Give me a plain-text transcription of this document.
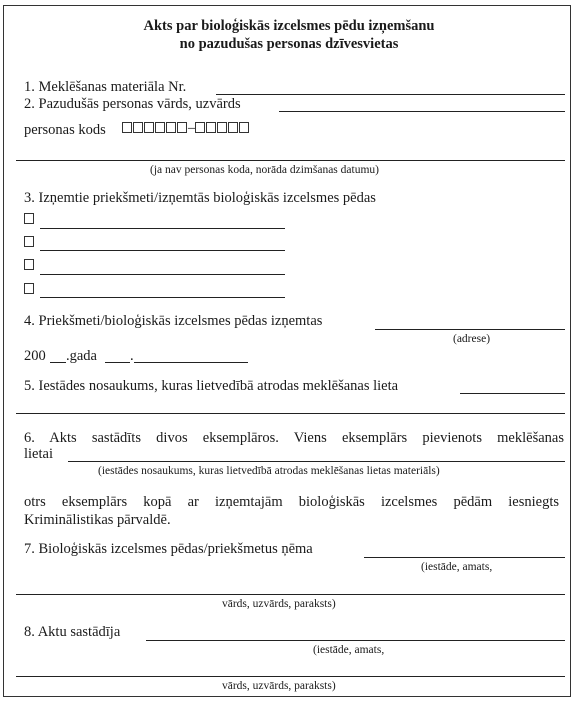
Akts par bioloģiskās izcelsmes pēdu izņemšanu
no pazudušas personas dzīvesvietas
1. Meklēšanas materiāla Nr.
2. Pazudušās personas vārds, uzvārds
personas kods	–
(ja nav personas koda, norāda dzimšanas datumu)
3. Izņemtie priekšmeti/izņemtās bioloģiskās izcelsmes pēdas
4. Priekšmeti/bioloģiskās izcelsmes pēdas izņemtas
(adrese)
200 .gada .
5. Iestādes nosaukums, kuras lietvedībā atrodas meklēšanas lieta
6. Akts sastādīts divos eksemplāros. Viens eksemplārs pievienots meklēšanas
lietai
(iestādes nosaukums, kuras lietvedībā atrodas meklēšanas lietas materiāls)
otrs eksemplārs kopā ar izņemtajām bioloģiskās izcelsmes pēdām iesniegts
Kriminālistikas pārvaldē.
7. Bioloģiskās izcelsmes pēdas/priekšmetus ņēma
(iestāde, amats,
vārds, uzvārds, paraksts)
8. Aktu sastādīja
(iestāde, amats,
vārds, uzvārds, paraksts)
